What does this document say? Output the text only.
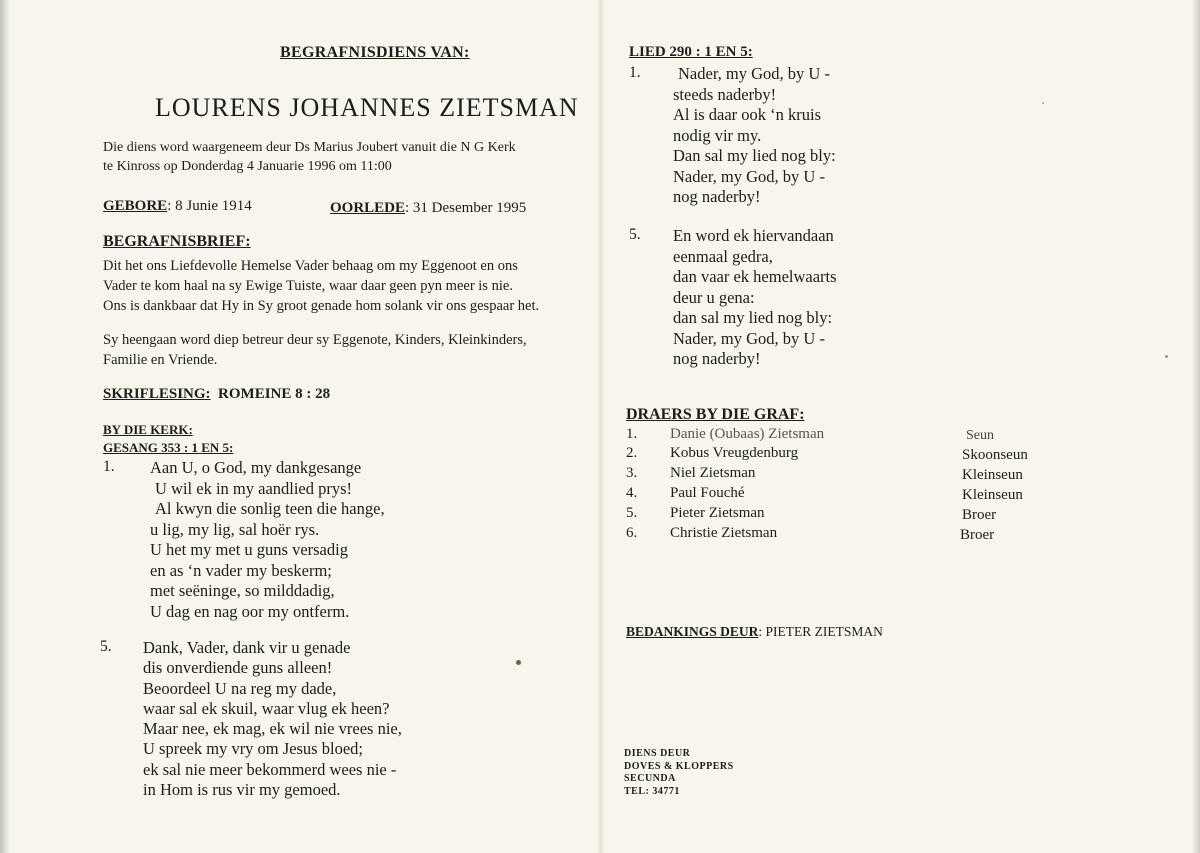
BEGRAFNISDIENS VAN:
LOURENS JOHANNES ZIETSMAN
Die diens word waargeneem deur Ds Marius Joubert vanuit die N G Kerk
te Kinross op Donderdag 4 Januarie 1996 om 11:00
GEBORE: 8 Junie 1914	OORLEDE: 31 Desember 1995
BEGRAFNISBRIEF:
Dit het ons Liefdevolle Hemelse Vader behaag om my Eggenoot en ons
Vader te kom haal na sy Ewige Tuiste, waar daar geen pyn meer is nie.
Ons is dankbaar dat Hy in Sy groot genade hom solank vir ons gespaar het.
Sy heengaan word diep betreur deur sy Eggenote, Kinders, Kleinkinders,
Familie en Vriende.
SKRIFLESING: ROMEINE 8 : 28
BY DIE KERK:
GESANG 353 : 1 EN 5:
1. Aan U, o God, my dankgesange
U wil ek in my aandlied prys!
Al kwyn die sonlig teen die hange,
u lig, my lig, sal hoër rys.
U het my met u guns versadig
en as ‘n vader my beskerm;
met seëninge, so milddadig,
U dag en nag oor my ontferm.
5. Dank, Vader, dank vir u genade
dis onverdiende guns alleen!
Beoordeel U na reg my dade,
waar sal ek skuil, waar vlug ek heen?
Maar nee, ek mag, ek wil nie vrees nie,
U spreek my vry om Jesus bloed;
ek sal nie meer bekommerd wees nie -
in Hom is rus vir my gemoed.
LIED 290 : 1 EN 5:
1. Nader, my God, by U -
steeds naderby!
Al is daar ook ‘n kruis
nodig vir my.
Dan sal my lied nog bly:
Nader, my God, by U -
nog naderby!
5. En word ek hiervandaan
eenmaal gedra,
dan vaar ek hemelwaarts
deur u gena:
dan sal my lied nog bly:
Nader, my God, by U -
nog naderby!
DRAERS BY DIE GRAF:
1. Danie (Oubaas) Zietsman	Seun
2. Kobus Vreugdenburg	Skoonseun
3. Niel Zietsman	Kleinseun
4. Paul Fouché	Kleinseun
5. Pieter Zietsman	Broer
6. Christie Zietsman	Broer
BEDANKINGS DEUR: PIETER ZIETSMAN
DIENS DEUR
DOVES & KLOPPERS
SECUNDA
TEL: 34771
